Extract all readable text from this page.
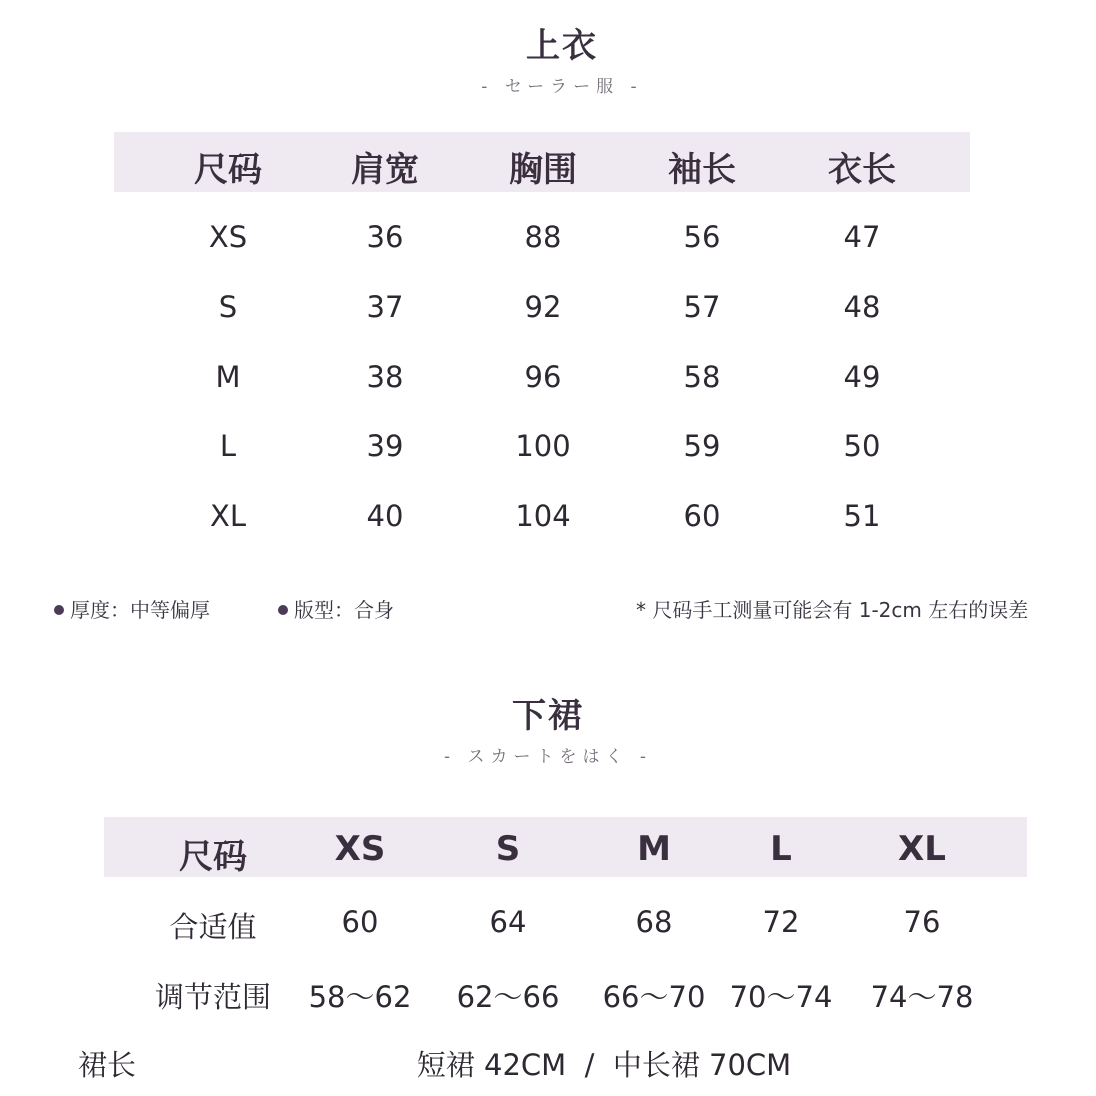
上衣
- セーラー服 -
尺码	肩宽	胸围	袖长	衣长
XS	36	88	56	47
S	37	92	57	48
M	38	96	58	49
L	39	100	59	50
XL	40	104	60	51
厚度：中等偏厚	版型：合身	* 尺码手工测量可能会有 1-2cm 左右的误差
下裙
- スカートをはく -
尺码	XS	S	M	L	XL
合适值	60	64	68	72	76
调节范围 58～62 62～66 66～70 70～74 74～78
裙长	短裙 42CM  /  中长裙 70CM
